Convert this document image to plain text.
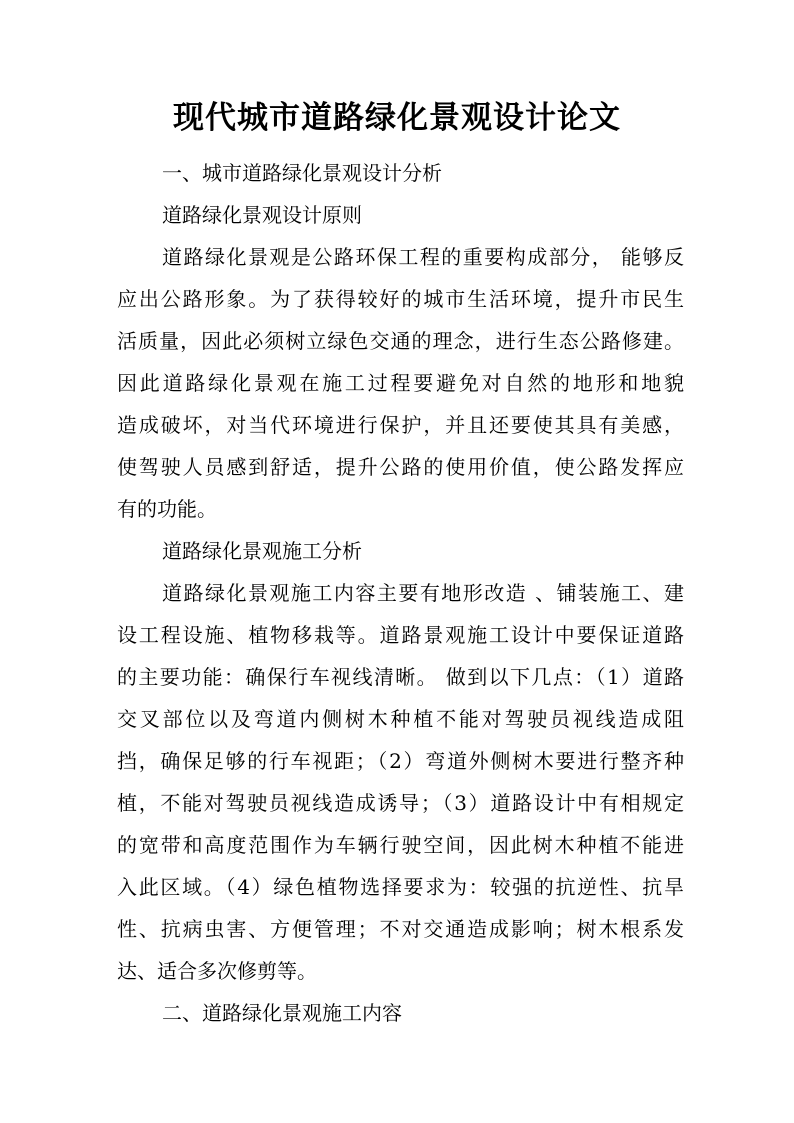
现代城市道路绿化景观设计论文
一、城市道路绿化景观设计分析
道路绿化景观设计原则
道路绿化景观是公路环保工程的重要构成部分， 能够反
应出公路形象。为了获得较好的城市生活环境，提升市民生
活质量，因此必须树立绿色交通的理念，进行生态公路修建。
因此道路绿化景观在施工过程要避免对自然的地形和地貌
造成破坏，对当代环境进行保护，并且还要使其具有美感，
使驾驶人员感到舒适，提升公路的使用价值，使公路发挥应
有的功能。
道路绿化景观施工分析
道路绿化景观施工内容主要有地形改造 、铺装施工、建
设工程设施、植物移栽等。道路景观施工设计中要保证道路
的主要功能：确保行车视线清晰。 做到以下几点：（1）道路
交叉部位以及弯道内侧树木种植不能对驾驶员视线造成阻
挡，确保足够的行车视距；（2）弯道外侧树木要进行整齐种
植，不能对驾驶员视线造成诱导；（3）道路设计中有相规定
的宽带和高度范围作为车辆行驶空间，因此树木种植不能进
入此区域。（4）绿色植物选择要求为：较强的抗逆性、抗旱
性、抗病虫害、方便管理；不对交通造成影响；树木根系发
达、适合多次修剪等。
二、道路绿化景观施工内容
